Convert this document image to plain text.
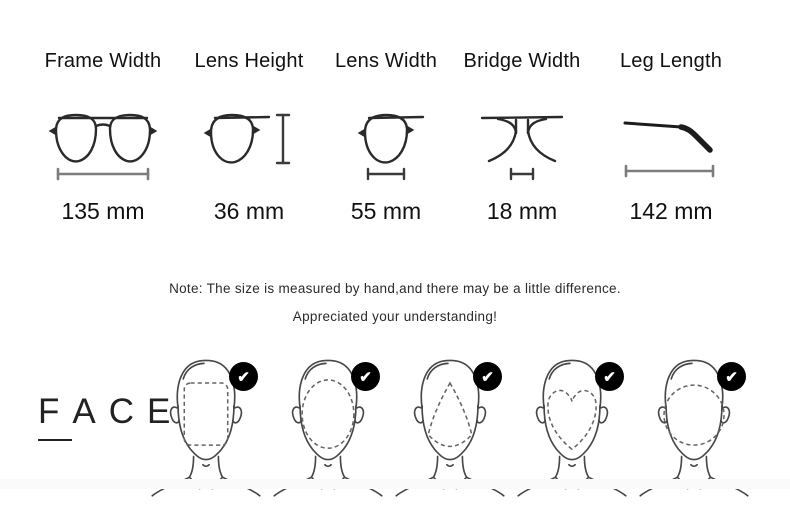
Frame Width
135 mm
Lens Height
36 mm
Lens Width
55 mm
Bridge Width
18 mm
Leg Length
142 mm

Note: The size is measured by hand,and there may be a little difference.

Appreciated your understanding!

FACE
✔	✔	✔	✔	✔
